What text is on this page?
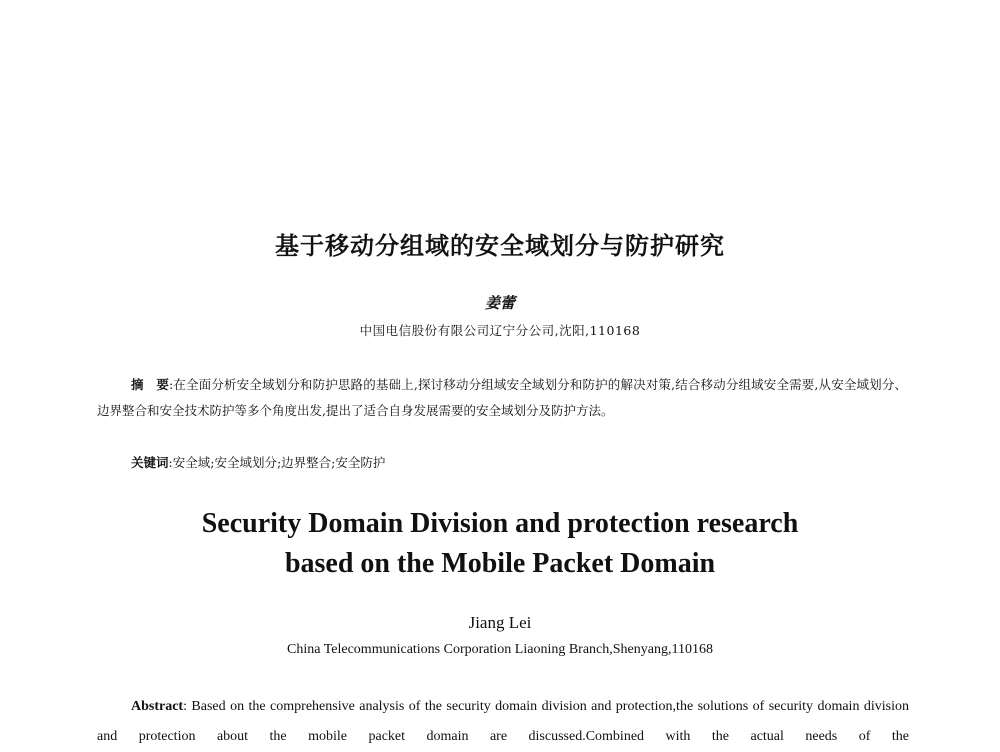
基于移动分组域的安全域划分与防护研究
姜蕾
中国电信股份有限公司辽宁分公司,沈阳,110168
摘　要:在全面分析安全域划分和防护思路的基础上,探讨移动分组域安全域划分和防护的解决对策,结合移动分组域安全需要,从安全域划分、边界整合和安全技术防护等多个角度出发,提出了适合自身发展需要的安全域划分及防护方法。
关键词:安全域;安全域划分;边界整合;安全防护
Security Domain Division and protection research
based on the Mobile Packet Domain
Jiang Lei
China Telecommunications Corporation Liaoning Branch,Shenyang,110168
Abstract: Based on the comprehensive analysis of the security domain division and protection,the solutions of security domain division and protection about the mobile packet domain are discussed.Combined with the actual needs of the
